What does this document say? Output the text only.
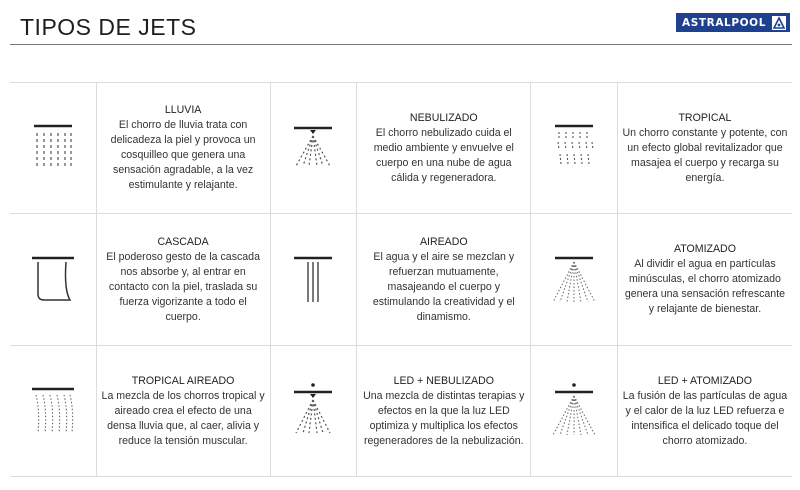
TIPOS DE JETS	ASTRALPOOL
LLUVIA
El chorro de lluvia trata con delicadeza la piel y provoca un cosquilleo que genera una sensación agradable, a la vez estimulante y relajante.
NEBULIZADO
El chorro nebulizado cuida el medio ambiente y envuelve el cuerpo en una nube de agua cálida y regeneradora.
TROPICAL
Un chorro constante y potente, con un efecto global revitalizador que masajea el cuerpo y recarga su energía.
CASCADA
El poderoso gesto de la cascada nos absorbe y, al entrar en contacto con la piel, traslada su fuerza vigorizante a todo el cuerpo.
AIREADO
El agua y el aire se mezclan y refuerzan mutuamente, masajeando el cuerpo y estimulando la creatividad y el dinamismo.
ATOMIZADO
Al dividir el agua en partículas minúsculas, el chorro atomizado genera una sensación refrescante y relajante de bienestar.
TROPICAL AIREADO
La mezcla de los chorros tropical y aireado crea el efecto de una densa lluvia que, al caer, alivia y reduce la tensión muscular.
LED + NEBULIZADO
Una mezcla de distintas terapias y efectos en la que la luz LED optimiza y multiplica los efectos regeneradores de la nebulización.
LED + ATOMIZADO
La fusión de las partículas de agua y el calor de la luz LED refuerza e intensifica el delicado toque del chorro atomizado.
